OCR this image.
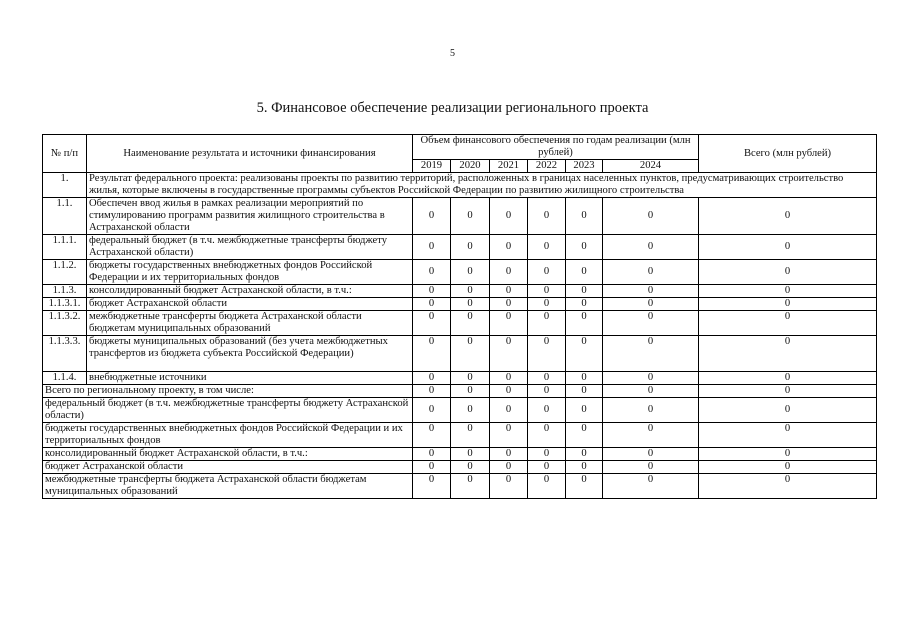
5
5. Финансовое обеспечение реализации регионального проекта
№ п/п	Наименование результата и источники финансирования	Объем финансового обеспечения по годам реализации (млн рублей)						Всего (млн рублей)
		2019	2020	2021	2022	2023	2024	
1.	Результат федерального проекта: реализованы проекты по развитию территорий, расположенных в границах населенных пунктов, предусматривающих строительство жилья, которые включены в государственные программы субъектов Российской Федерации по развитию жилищного строительства							
1.1.	Обеспечен ввод жилья в рамках реализации мероприятий по стимулированию программ развития жилищного строительства в Астраханской области	0	0	0	0	0	0	0
1.1.1.	федеральный бюджет (в т.ч. межбюджетные трансферты бюджету Астраханской области)	0	0	0	0	0	0	0
1.1.2.	бюджеты государственных внебюджетных фондов Российской Федерации и их территориальных фондов	0	0	0	0	0	0	0
1.1.3.	консолидированный бюджет Астраханской области, в т.ч.:	0	0	0	0	0	0	0
1.1.3.1.	бюджет Астраханской области	0	0	0	0	0	0	0
1.1.3.2.	межбюджетные трансферты бюджета Астраханской области бюджетам муниципальных образований	0	0	0	0	0	0	0
1.1.3.3.	бюджеты муниципальных образований (без учета межбюджетных трансфертов из бюджета субъекта Российской Федерации)	0	0	0	0	0	0	0
1.1.4.	внебюджетные источники	0	0	0	0	0	0	0
Всего по региональному проекту, в том числе:		0	0	0	0	0	0	0
федеральный бюджет (в т.ч. межбюджетные трансферты бюджету Астраханской области)		0	0	0	0	0	0	0
бюджеты государственных внебюджетных фондов Российской Федерации и их территориальных фондов		0	0	0	0	0	0	0
консолидированный бюджет Астраханской области, в т.ч.:		0	0	0	0	0	0	0
бюджет Астраханской области		0	0	0	0	0	0	0
межбюджетные трансферты бюджета Астраханской области бюджетам муниципальных образований		0	0	0	0	0	0	0
